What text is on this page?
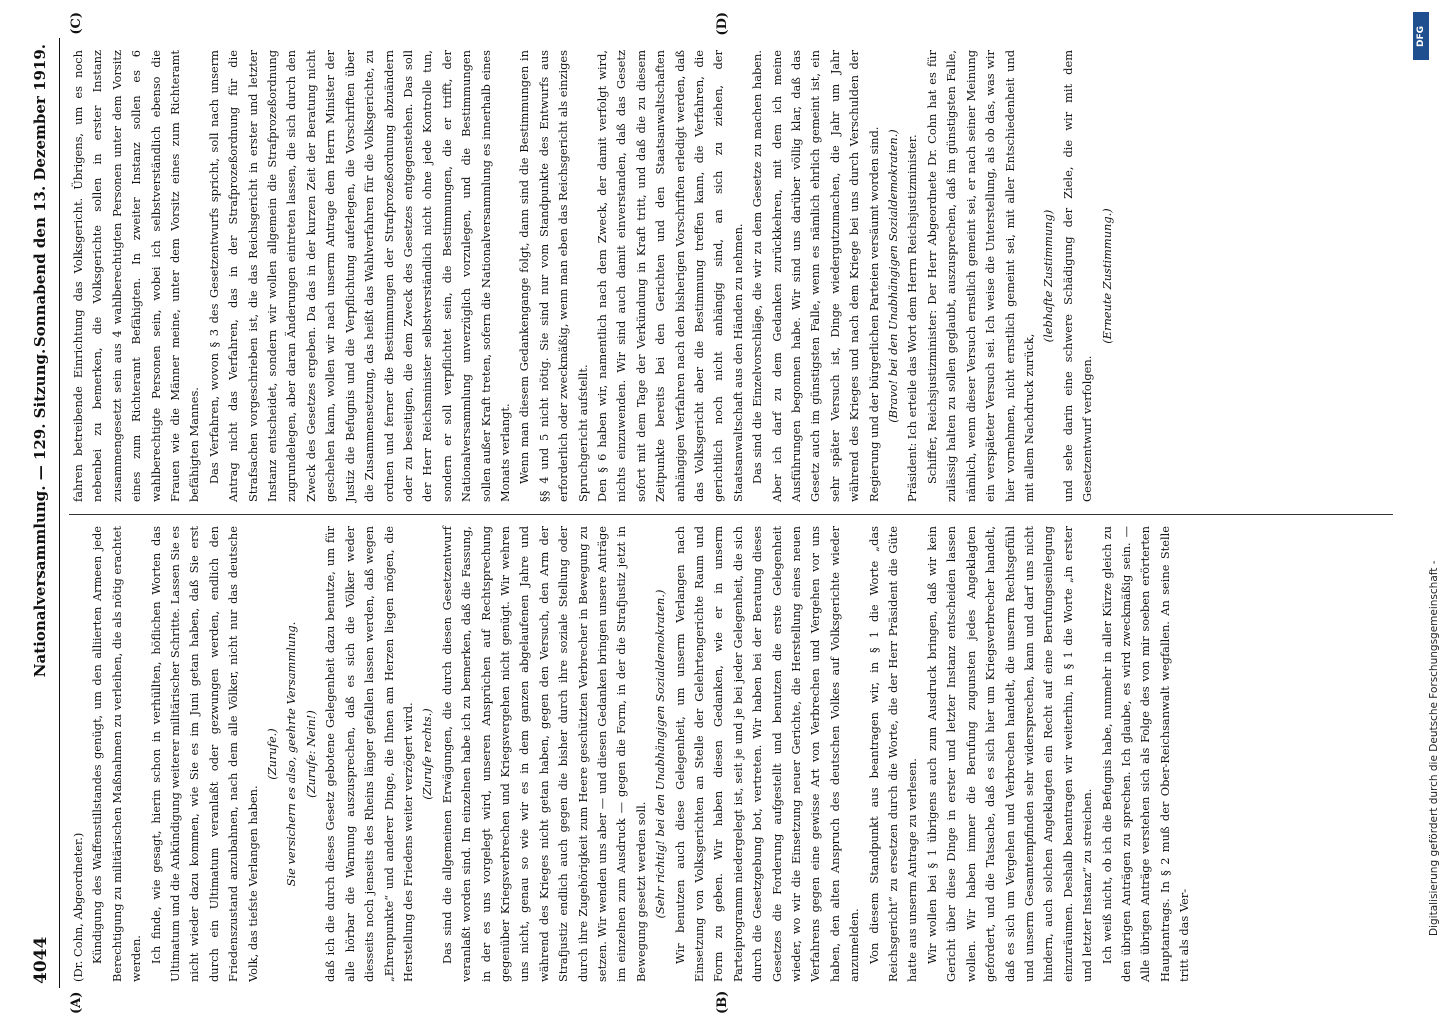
4044
Nationalversammlung. — 129. Sitzung.
Sonnabend den 13. Dezember 1919.
(A)	(B)
(C)	(D)

(Dr. Cohn, Abgeordneter.) Kündigung des Waffenstillstandes genügt, um den alliierten Armeen jede Berechtigung zu militärischen Maßnahmen zu verleihen, die als nötig erachtet werden. Ich finde, wie gesagt, hierin schon in verhüllten, höflichen Worten das Ultimatum und die Ankündigung weiterer militärischer Schritte. Lassen Sie es nicht wieder dazu kommen, wie Sie es im Juni getan haben, daß Sie erst durch ein Ultimatum veranlaßt oder gezwungen werden, endlich den Friedenszustand anzubahnen, nach dem alle Völker, nicht nur das deutsche Volk, das tiefste Verlangen haben.

(Zurufe.) Sie versichern es also, geehrte Versammlung. (Zurufe: Nein!) daß ich die durch dieses Gesetz gebotene Gelegenheit dazu benutze, um für alle hörbar die Warnung auszusprechen, daß es sich die Völker weder diesseits noch jenseits des Rheins länger gefallen lassen werden, daß wegen „Ehrenpunkte“ und anderer Dinge, die Ihnen am Herzen liegen mögen, die Herstellung des Friedens weiter verzögert wird. (Zurufe rechts.) Das sind die allgemeinen Erwägungen, die durch diesen Gesetzentwurf veranlaßt worden sind. Im einzelnen habe ich zu bemerken, daß die Fassung, in der es uns vorgelegt wird, unseren Ansprüchen auf Rechtsprechung gegenüber Kriegsverbrechen und Kriegsvergehen nicht genügt. Wir wehren uns nicht, genau so wie wir es in dem ganzen abgelaufenen Jahre und während des Krieges nicht getan haben, gegen den Versuch, den Arm der Strafjustiz endlich auch gegen die bisher durch ihre soziale Stellung oder durch ihre Zugehörigkeit zum Heere geschützten Verbrecher in Bewegung zu setzen. Wir wenden uns aber — und diesen Gedanken bringen unsere Anträge im einzelnen zum Ausdruck — gegen die Form, in der die Strafjustiz jetzt in Bewegung gesetzt werden soll. (Sehr richtig! bei den Unabhängigen Sozialdemokraten.) Wir benutzen auch diese Gelegenheit, um unserm Verlangen nach Einsetzung von Volksgerichten an Stelle der Gelehrtengerichte Raum und Form zu geben. Wir haben diesen Gedanken, wie er in unserm Parteiprogramm niedergelegt ist, seit je und je bei jeder Gelegenheit, die sich durch die Gesetzgebung bot, vertreten. Wir haben bei der Beratung dieses Gesetzes die Forderung aufgestellt und benutzen die erste Gelegenheit wieder, wo wir die Einsetzung neuer Gerichte, die Herstellung eines neuen Verfahrens gegen eine gewisse Art von Verbrechen und Vergehen vor uns haben, den alten Anspruch des deutschen Volkes auf Volksgerichte wieder anzumelden. Von diesem Standpunkt aus beantragen wir, in § 1 die Worte „das Reichsgericht“ zu ersetzen durch die Worte, die der Herr Präsident die Güte hatte aus unserm Antrage zu verlesen. Wir wollen bei § 1 übrigens auch zum Ausdruck bringen, daß wir kein Gericht über diese Dinge in erster und letzter Instanz entscheiden lassen wollen. Wir haben immer die Berufung zugunsten jedes Angeklagten gefordert, und die Tatsache, daß es sich hier um Kriegsverbrecher handelt, daß es sich um Vergehen und Verbrechen handelt, die unserm Rechtsgefühl und unserm Gesamtempfinden sehr widersprechen, kann und darf uns nicht hindern, auch solchen Angeklagten ein Recht auf eine Berufungseinlegung einzuräumen. Deshalb beantragen wir weiterhin, in § 1 die Worte „in erster und letzter Instanz“ zu streichen. Ich weiß nicht, ob ich die Befugnis habe, nunmehr in aller Kürze gleich zu den übrigen Anträgen zu sprechen. Ich glaube, es wird zweckmäßig sein. — Alle übrigen Anträge verstehen sich als Folge des von mir soeben erörterten Hauptantrags. In § 2 muß der Ober-Reichsanwalt wegfallen. An seine Stelle tritt als das Ver-

fahren betreibende Einrichtung das Volksgericht. Übrigens, um es noch nebenbei zu bemerken, die Volksgerichte sollen in erster Instanz zusammengesetzt sein aus 4 wahlberechtigten Personen unter dem Vorsitz eines zum Richteramt Befähigten. In zweiter Instanz sollen es 6 wahlberechtigte Personen sein, wobei ich selbstverständlich ebenso die Frauen wie die Männer meine, unter dem Vorsitz eines zum Richteramt befähigten Mannes. Das Verfahren, wovon § 3 des Gesetzentwurfs spricht, soll nach unserm Antrag nicht das Verfahren, das in der Strafprozeßordnung für die Strafsachen vorgeschrieben ist, die das Reichsgericht in erster und letzter Instanz entscheidet, sondern wir wollen allgemein die Strafprozeßordnung zugrundelegen, aber daran Änderungen eintreten lassen, die sich durch den Zweck des Gesetzes ergeben. Da das in der kurzen Zeit der Beratung nicht geschehen kann, wollen wir nach unserm Antrage dem Herrn Minister der Justiz die Befugnis und die Verpflichtung auferlegen, die Vorschriften über die Zusammensetzung, das heißt das Wahlverfahren für die Volksgerichte, zu ordnen und ferner die Bestimmungen der Strafprozeßordnung abzuändern oder zu beseitigen, die dem Zweck des Gesetzes entgegenstehen. Das soll der Herr Reichsminister selbstverständlich nicht ohne jede Kontrolle tun, sondern er soll verpflichtet sein, die Bestimmungen, die er trifft, der Nationalversammlung unverzüglich vorzulegen, und die Bestimmungen sollen außer Kraft treten, sofern die Nationalversammlung es innerhalb eines Monats verlangt. Wenn man diesem Gedankengange folgt, dann sind die Bestimmungen in §§ 4 und 5 nicht nötig. Sie sind nur vom Standpunkte des Entwurfs aus erforderlich oder zweckmäßig, wenn man eben das Reichsgericht als einziges Spruchgericht aufstellt. Den § 6 haben wir, namentlich nach dem Zweck, der damit verfolgt wird, nichts einzuwenden. Wir sind auch damit einverstanden, daß das Gesetz sofort mit dem Tage der Verkündung in Kraft tritt, und daß die zu diesem Zeitpunkte bereits bei den Gerichten und den Staatsanwaltschaften anhängigen Verfahren nach den bisherigen Vorschriften erledigt werden, daß das Volksgericht aber die Bestimmung treffen kann, die Verfahren, die gerichtlich noch nicht anhängig sind, an sich zu ziehen, der Staatsanwaltschaft aus den Händen zu nehmen. Das sind die Einzelvorschläge, die wir zu dem Gesetze zu machen haben. Aber ich darf zu dem Gedanken zurückkehren, mit dem ich meine Ausführungen begonnen habe. Wir sind uns darüber völlig klar, daß das Gesetz auch im günstigsten Falle, wenn es nämlich ehrlich gemeint ist, ein sehr später Versuch ist, Dinge wiedergutzumachen, die Jahr um Jahr während des Krieges und nach dem Kriege bei uns durch Verschulden der Regierung und der bürgerlichen Parteien versäumt worden sind. (Bravo! bei den Unabhängigen Sozialdemokraten.) Präsident: Ich erteile das Wort dem Herrn Reichsjustizminister. Schiffer, Reichsjustizminister: Der Herr Abgeordnete Dr. Cohn hat es für zulässig halten zu sollen geglaubt, auszusprechen, daß im günstigsten Falle, nämlich, wenn dieser Versuch ernstlich gemeint sei, er nach seiner Meinung ein verspäteter Versuch sei. Ich weise die Unterstellung, als ob das, was wir hier vornehmen, nicht ernstlich gemeint sei, mit aller Entschiedenheit und mit allem Nachdruck zurück,

(lebhafte Zustimmung) und sehe darin eine schwere Schädigung der Ziele, die wir mit dem Gesetzentwurf verfolgen.

(Erneute Zustimmung.)

DFG
Digitalisierung gefördert durch die Deutsche Forschungsgemeinschaft -
